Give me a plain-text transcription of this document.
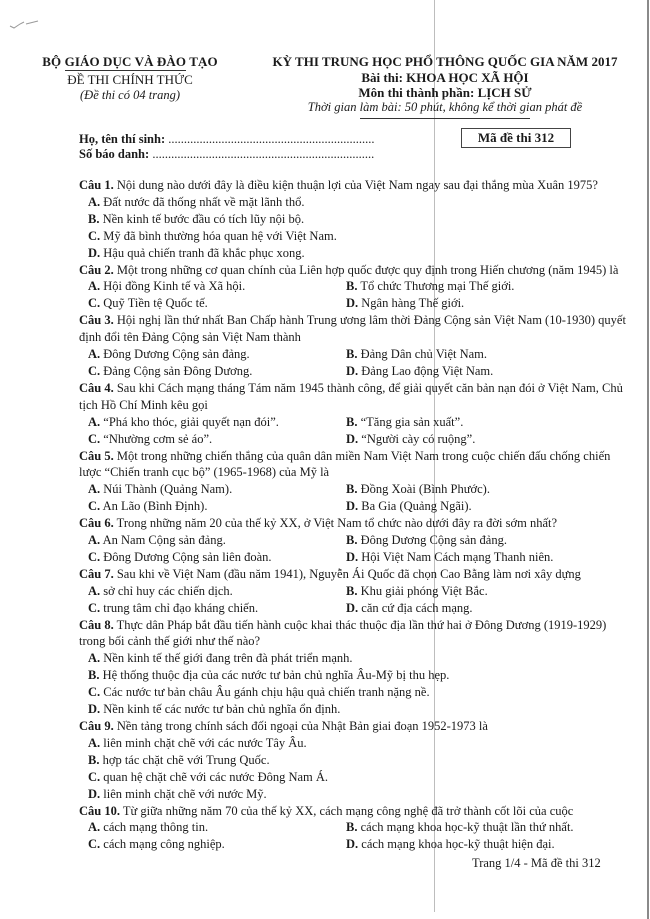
BỘ GIÁO DỤC VÀ ĐÀO TẠO
ĐỀ THI CHÍNH THỨC
(Đề thi có 04 trang)
KỲ THI TRUNG HỌC PHỔ THÔNG QUỐC GIA NĂM 2017
Bài thi: KHOA HỌC XÃ HỘI
Môn thi thành phần: LỊCH SỬ
Thời gian làm bài: 50 phút, không kể thời gian phát đề
Họ, tên thí sinh: ..................................................................
Số báo danh: .......................................................................
Mã đề thi 312
Câu 1. Nội dung nào dưới đây là điều kiện thuận lợi của Việt Nam ngay sau đại thắng mùa Xuân 1975?
A. Đất nước đã thống nhất về mặt lãnh thổ.
B. Nền kinh tế bước đầu có tích lũy nội bộ.
C. Mỹ đã bình thường hóa quan hệ với Việt Nam.
D. Hậu quả chiến tranh đã khắc phục xong.
Câu 2. Một trong những cơ quan chính của Liên hợp quốc được quy định trong Hiến chương (năm 1945) là
A. Hội đồng Kinh tế và Xã hội.	B. Tổ chức Thương mại Thế giới.
C. Quỹ Tiền tệ Quốc tế.	D. Ngân hàng Thế giới.
Câu 3. Hội nghị lần thứ nhất Ban Chấp hành Trung ương lâm thời Đảng Cộng sản Việt Nam (10-1930) quyết định đổi tên Đảng Cộng sản Việt Nam thành
A. Đông Dương Cộng sản đảng.	B. Đảng Dân chủ Việt Nam.
C. Đảng Cộng sản Đông Dương.	D. Đảng Lao động Việt Nam.
Câu 4. Sau khi Cách mạng tháng Tám năm 1945 thành công, để giải quyết căn bản nạn đói ở Việt Nam, Chủ tịch Hồ Chí Minh kêu gọi
A. “Phá kho thóc, giải quyết nạn đói”.	B. “Tăng gia sản xuất”.
C. “Nhường cơm sẻ áo”.	D. “Người cày có ruộng”.
Câu 5. Một trong những chiến thắng của quân dân miền Nam Việt Nam trong cuộc chiến đấu chống chiến lược “Chiến tranh cục bộ” (1965-1968) của Mỹ là
A. Núi Thành (Quảng Nam).	B. Đồng Xoài (Bình Phước).
C. An Lão (Bình Định).	D. Ba Gia (Quảng Ngãi).
Câu 6. Trong những năm 20 của thế kỷ XX, ở Việt Nam tổ chức nào dưới đây ra đời sớm nhất?
A. An Nam Cộng sản đảng.	B. Đông Dương Cộng sản đảng.
C. Đông Dương Cộng sản liên đoàn.	D. Hội Việt Nam Cách mạng Thanh niên.
Câu 7. Sau khi về Việt Nam (đầu năm 1941), Nguyễn Ái Quốc đã chọn Cao Bằng làm nơi xây dựng
A. sở chỉ huy các chiến dịch.	B. Khu giải phóng Việt Bắc.
C. trung tâm chỉ đạo kháng chiến.	D. căn cứ địa cách mạng.
Câu 8. Thực dân Pháp bắt đầu tiến hành cuộc khai thác thuộc địa lần thứ hai ở Đông Dương (1919-1929) trong bối cảnh thế giới như thế nào?
A. Nền kinh tế thế giới đang trên đà phát triển mạnh.
B. Hệ thống thuộc địa của các nước tư bản chủ nghĩa Âu-Mỹ bị thu hẹp.
C. Các nước tư bản châu Âu gánh chịu hậu quả chiến tranh nặng nề.
D. Nền kinh tế các nước tư bản chủ nghĩa ổn định.
Câu 9. Nền tảng trong chính sách đối ngoại của Nhật Bản giai đoạn 1952-1973 là
A. liên minh chặt chẽ với các nước Tây Âu.
B. hợp tác chặt chẽ với Trung Quốc.
C. quan hệ chặt chẽ với các nước Đông Nam Á.
D. liên minh chặt chẽ với nước Mỹ.
Câu 10. Từ giữa những năm 70 của thế kỷ XX, cách mạng công nghệ đã trở thành cốt lõi của cuộc
A. cách mạng thông tin.	B. cách mạng khoa học-kỹ thuật lần thứ nhất.
C. cách mạng công nghiệp.	D. cách mạng khoa học-kỹ thuật hiện đại.
Trang 1/4 - Mã đề thi 312
